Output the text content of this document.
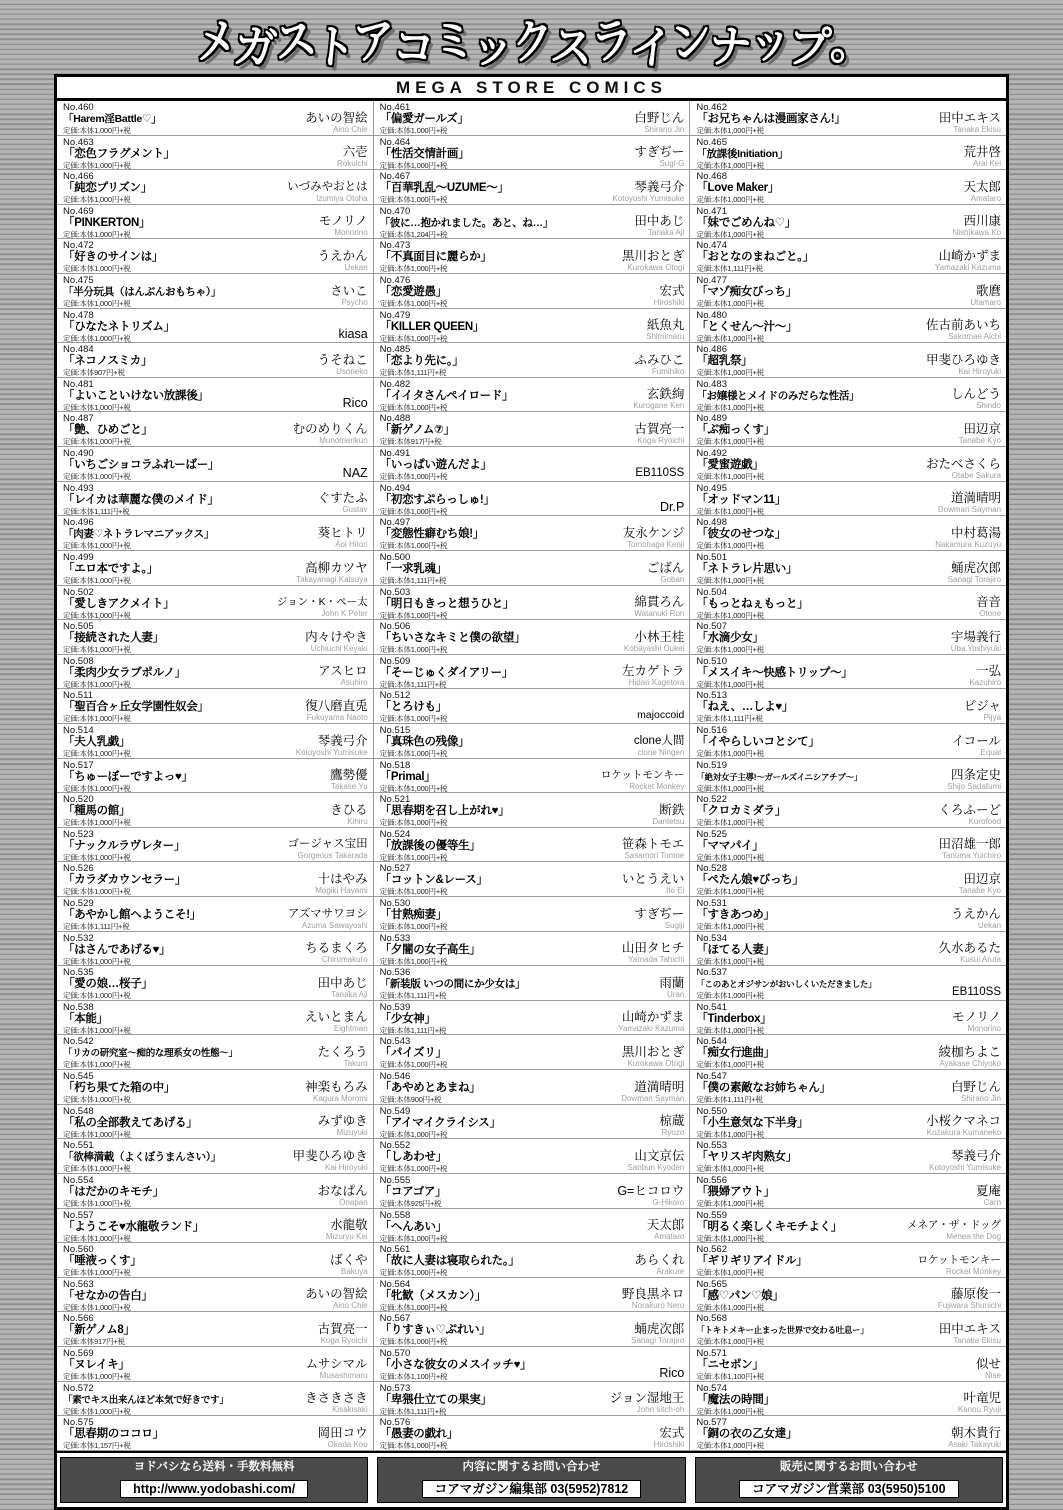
メガストアコミックスラインナップ。
MEGA STORE COMICS
No.460
「Harem淫Battle♡」
定価:本体1,000円+税
あいの智絵
Aino Chie
No.463
「恋色フラグメント」
定価:本体1,000円+税
六壱
Rokuichi
No.466
「純恋プリズン」
定価:本体1,000円+税
いづみやおとは
Izumiya Otoha
No.469
「PINKERTON」
定価:本体1,000円+税
モノリノ
Monorino
No.472
「好きのサインは」
定価:本体1,000円+税
うえかん
Uekan
No.475
「半分玩具（はんぶんおもちゃ）」
定価:本体1,000円+税
さいこ
Psycho
No.478
「ひなたネトリズム」
定価:本体1,000円+税	kiasa
No.484
「ネコノスミカ」
定価:本体907円+税
うそねこ
Usoneko
No.481
「よいこといけない放課後」
定価:本体1,000円+税	Rico
No.487
「艶、ひめごと」
定価:本体1,000円+税
むのめりくん
Munomerikun
No.490
「いちごショコラふれーばー」
定価:本体1,000円+税	NAZ
No.493
「レイカは華麗な僕のメイド」
定価:本体1,111円+税
ぐすたふ
Gustav
No.496
「肉妻♡ネトラレマニアックス」
定価:本体1,000円+税
葵ヒトリ
Aoi Hitori
No.499
「エロ本ですよ。」
定価:本体1,000円+税
高柳カツヤ
Takayanagi Katsuya
No.502
「愛しきアクメイト」
定価:本体1,000円+税
ジョン・K・ペー太
John K Peter
No.505
「接続された人妻」
定価:本体1,000円+税
内々けやき
Uchiuchi Keyaki
No.508
「柔肉少女ラブポルノ」
定価:本体1,000円+税
アスヒロ
Asuhiro
No.511
「聖百合ヶ丘女学園性奴会」
定価:本体1,000円+税
復八磨直兎
Fukuyama Naoto
No.514
「夫人乳戯」
定価:本体1,000円+税
琴義弓介
Kotoyoshi Yumisuke
No.517
「ちゅーぼーですよっ♥」
定価:本体1,000円+税
鷹勢優
Takase Yu
No.520
「種馬の館」
定価:本体1,000円+税
きひる
Kihiru
No.523
「ナックルラヴレター」
定価:本体1,000円+税
ゴージャス宝田
Gorgeous Takarada
No.526
「カラダカウンセラー」
定価:本体1,000円+税
十はやみ
Mogiki Hayami
No.529
「あやかし館へようこそ!」
定価:本体1,111円+税
アズマサワヨシ
Azuma Sawayoshi
No.532
「はさんであげる♥」
定価:本体1,000円+税
ちるまくろ
Chirumakuro
No.535
「愛の娘…桜子」
定価:本体1,000円+税
田中あじ
Tanaka Aji
No.538
「本能」
定価:本体1,000円+税
えいとまん
Eightman
No.542
「リカの研究室〜痴的な理系女の性態〜」
定価:本体1,000円+税
たくろう
Takuro
No.545
「朽ち果てた箱の中」
定価:本体1,000円+税
神楽もろみ
Kagura Moromi
No.548
「私の全部教えてあげる」
定価:本体1,000円+税
みずゆき
Mizuyuki
No.551
「欲棒満載（よくぼうまんさい）」
定価:本体1,000円+税
甲斐ひろゆき
Kai Hiroyuki
No.554
「はだかのキモチ」
定価:本体1,000円+税
おなぱん
Onapan
No.557
「ようこそ♥水龍敬ランド」
定価:本体1,000円+税
水龍敬
Mizuryu Kei
No.560
「唾液っくす」
定価:本体1,000円+税
ばくや
Bakuya
No.563
「せなかの告白」
定価:本体1,000円+税
あいの智絵
Aino Chie
No.566
「新ゲノム8」
定価:本体917円+税
古賀亮一
Koga Ryoichi
No.569
「ヌレイキ」
定価:本体1,000円+税
ムサシマル
Musashimaru
No.572
「素でキス出来んほど本気で好きです」
定価:本体1,000円+税
きさきさき
Kisakisaki
No.575
「思春期のココロ」
定価:本体1,157円+税
岡田コウ
Okada Kou
No.461
「偏愛ガールズ」
定価:本体1,000円+税
白野じん
Shirano Jin
No.464
「性活交情計画」
定価:本体1,000円+税
すぎぢー
Sugi-G
No.467
「百華乳乱〜UZUME〜」
定価:本体1,000円+税
琴義弓介
Kotoyoshi Yumisuke
No.470
「彼に…抱かれました。あと、ね…」
定価:本体1,204円+税
田中あじ
Tanaka Aji
No.473
「不真面目に麗らか」
定価:本体1,000円+税
黒川おとぎ
Kurokawa Otogi
No.476
「恋愛遊愚」
定価:本体1,000円+税
宏式
Hiroshiki
No.479
「KILLER QUEEN」
定価:本体1,000円+税
紙魚丸
Shimimaru
No.485
「恋より先に。」
定価:本体1,111円+税
ふみひこ
Fumihiko
No.482
「イイタさんペイロード」
定価:本体1,000円+税
玄鉄絢
Kurogane Ken
No.488
「新ゲノム⑦」
定価:本体917円+税
古賀亮一
Koga Ryoichi
No.491
「いっぱい遊んだよ」
定価:本体1,000円+税	EB110SS
No.494
「初恋すぷらっしゅ!」
定価:本体1,000円+税	Dr.P
No.497
「変態性癖むち娘!」
定価:本体1,000円+税
友永ケンジ
Tomonaga Kenji
No.500
「一求乳魂」
定価:本体1,111円+税
ごばん
Goban
No.503
「明日もきっと想うひと」
定価:本体1,000円+税
綿貫ろん
Watanuki Ron
No.506
「ちいさなキミと僕の欲望」
定価:本体1,000円+税
小林王桂
Kobayashi Oukei
No.509
「そーじゅくダイアリー」
定価:本体1,111円+税
左カゲトラ
Hidari Kagetora
No.512
「とろけも」
定価:本体1,000円+税	majoccoid
No.515
「真珠色の残像」
定価:本体1,000円+税
clone人間
clone Ningen
No.518
「Primal」
定価:本体1,000円+税
ロケットモンキー
Rocket Monkey
No.521
「思春期を召し上がれ♥」
定価:本体1,000円+税
断鉄
Dantetsu
No.524
「放課後の優等生」
定価:本体1,000円+税
笹森トモエ
Sasamori Tomoe
No.527
「コットン&レース」
定価:本体1,000円+税
いとうえい
Ito Ei
No.530
「甘熟痴妻」
定価:本体1,000円+税
すぎぢー
Sugiji
No.533
「夕闇の女子高生」
定価:本体1,000円+税
山田タヒチ
Yamada Tahichi
No.536
「新装版 いつの間にか少女は」
定価:本体1,111円+税
雨蘭
Uran
No.539
「少女神」
定価:本体1,111円+税
山崎かずま
Yamazaki Kazuma
No.543
「パイズリ」
定価:本体1,000円+税
黒川おとぎ
Kurokawa Otogi
No.546
「あやめとあまね」
定価:本体900円+税
道満晴明
Dowman Sayman
No.549
「アイマイクライシス」
定価:本体1,000円+税
椋蔵
Ryozo
No.552
「しあわせ」
定価:本体1,000円+税
山文京伝
Sanbun Kyoden
No.555
「コアゴア」
定価:本体925円+税
G=ヒコロウ
G-Hikoro
No.558
「へんあい」
定価:本体1,000円+税
天太郎
Amataro
No.561
「故に人妻は寝取られた。」
定価:本体1,000円+税
あらくれ
Arakure
No.564
「牝歓（メスカン）」
定価:本体1,000円+税
野良黒ネロ
Norakuro Nero
No.567
「りすきぃ♡ぷれい」
定価:本体1,000円+税
蛹虎次郎
Sanagi Torajiro
No.570
「小さな彼女のメスイッチ♥」
定価:本体1,100円+税	Rico
No.573
「卑猥仕立ての果実」
定価:本体1,111円+税
ジョン湿地王
John sitch-oh
No.576
「愚妻の戯れ」
定価:本体1,000円+税
宏式
Hiroshiki
No.462
「お兄ちゃんは漫画家さん!」
定価:本体1,000円+税
田中エキス
Tanaka Ekisu
No.465
「放課後Initiation」
定価:本体1,000円+税
荒井啓
Arai Kei
No.468
「Love Maker」
定価:本体1,000円+税
天太郎
Amataro
No.471
「妹でごめんね♡」
定価:本体1,000円+税
西川康
Nishikawa Ko
No.474
「おとなのまねごと。」
定価:本体1,111円+税
山崎かずま
Yamazaki Kazuma
No.477
「マゾ痴女びっち」
定価:本体1,000円+税
歌麿
Utamaro
No.480
「とくせん〜汁〜」
定価:本体1,000円+税
佐古前あいち
Sakomae Aichi
No.486
「超乳祭」
定価:本体1,000円+税
甲斐ひろゆき
Kai Hiroyuki
No.483
「お嬢様とメイドのみだらな性活」
定価:本体1,000円+税
しんどう
Shindo
No.489
「ぶ痴っくす」
定価:本体1,000円+税
田辺京
Tanabe Kyo
No.492
「愛蜜遊戯」
定価:本体1,000円+税
おたべさくら
Otabe Sakura
No.495
「オッドマン11」
定価:本体1,000円+税
道満晴明
Dowman Sayman
No.498
「彼女のせつな」
定価:本体1,000円+税
中村葛湯
Nakamura Kuzuyu
No.501
「ネトラレ片思い」
定価:本体1,000円+税
蛹虎次郎
Sanagi Torajiro
No.504
「もっとねぇもっと」
定価:本体1,000円+税
音音
Otone
No.507
「水滴少女」
定価:本体1,000円+税
宇場義行
Uba Yoshiyuki
No.510
「メスイキ〜快感トリップ〜」
定価:本体1,000円+税
一弘
Kazuhiro
No.513
「ねえ、…しよ♥」
定価:本体1,111円+税
ピジャ
Pijya
No.516
「イやらしいコとシて」
定価:本体1,000円+税
イコール
Equal
No.519
「絶対女子主導!〜ガールズイニシアチブ〜」
定価:本体1,000円+税
四条定史
Shijo Sadafumi
No.522
「クロカミダラ」
定価:本体1,000円+税
くろふーど
Kurofood
No.525
「ママパイ」
定価:本体1,000円+税
田沼雄一郎
Tanuma Yuichiro
No.528
「ぺたん娘♥びっち」
定価:本体1,000円+税
田辺京
Tanabe Kyo
No.531
「すきあつめ」
定価:本体1,000円+税
うえかん
Uekan
No.534
「ほてる人妻」
定価:本体1,000円+税
久水あるた
Kusui Aruta
No.537
「このあとオジサンがおいしくいただきました」
定価:本体1,000円+税	EB110SS
No.541
「Tinderbox」
定価:本体1,000円+税
モノリノ
Monorino
No.544
「痴女行進曲」
定価:本体1,000円+税
綾枷ちよこ
Ayakase Chiyoko
No.547
「僕の素敵なお姉ちゃん」
定価:本体1,111円+税
白野じん
Shirano Jin
No.550
「小生意気な下半身」
定価:本体1,000円+税
小桜クマネコ
Kozakura Kumaneko
No.553
「ヤリスギ肉熟女」
定価:本体1,000円+税
琴義弓介
Kotoyoshi Yumisuke
No.556
「猥婦アウト」
定価:本体1,000円+税
夏庵
Carn
No.559
「明るく楽しくキモチよく」
定価:本体1,000円+税
メネア・ザ・ドッグ
Menea the Dog
No.562
「ギリギリアイドル」
定価:本体1,000円+税
ロケットモンキー
Rocket Monkey
No.565
「感♡パン♡娘」
定価:本体1,000円+税
藤原俊一
Fujiwara Shunichi
No.568
「トキトメキー止まった世界で交わる吐息ー」
定価:本体1,000円+税
田中エキス
Tanaka Ekisu
No.571
「ニセポン」
定価:本体1,100円+税
似せ
Nise
No.574
「魔法の時間」
定価:本体1,000円+税
叶竜児
Kanou Ryuji
No.577
「銅の衣の乙女達」
定価:本体1,000円+税
朝木貴行
Asaki Takayuki
ヨドバシなら送料・手数料無料
http://www.yodobashi.com/
内容に関するお問い合わせ
コアマガジン編集部 03(5952)7812
販売に関するお問い合わせ
コアマガジン営業部 03(5950)5100
